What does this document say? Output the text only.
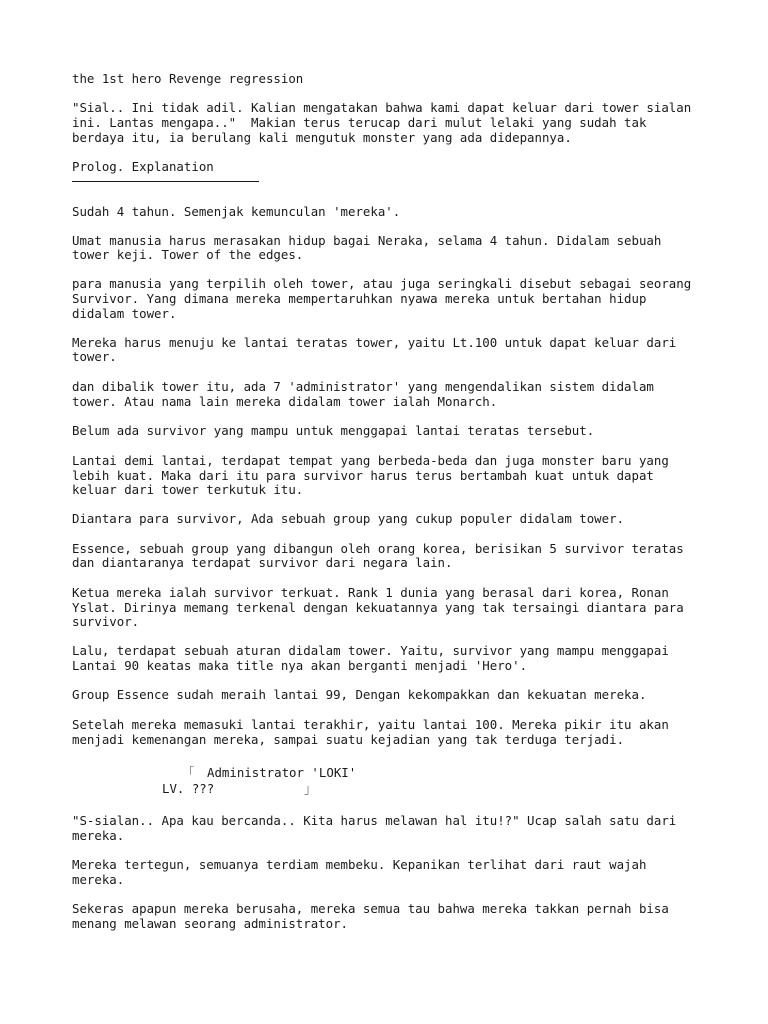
the 1st hero Revenge regression
"Sial.. Ini tidak adil. Kalian mengatakan bahwa kami dapat keluar dari tower sialan
ini. Lantas mengapa.."  Makian terus terucap dari mulut lelaki yang sudah tak
berdaya itu, ia berulang kali mengutuk monster yang ada didepannya.
Prolog. Explanation
Sudah 4 tahun. Semenjak kemunculan 'mereka'.
Umat manusia harus merasakan hidup bagai Neraka, selama 4 tahun. Didalam sebuah
tower keji. Tower of the edges.
para manusia yang terpilih oleh tower, atau juga seringkali disebut sebagai seorang
Survivor. Yang dimana mereka mempertaruhkan nyawa mereka untuk bertahan hidup
didalam tower.
Mereka harus menuju ke lantai teratas tower, yaitu Lt.100 untuk dapat keluar dari
tower.
dan dibalik tower itu, ada 7 'administrator' yang mengendalikan sistem didalam
tower. Atau nama lain mereka didalam tower ialah Monarch.
Belum ada survivor yang mampu untuk menggapai lantai teratas tersebut.
Lantai demi lantai, terdapat tempat yang berbeda-beda dan juga monster baru yang
lebih kuat. Maka dari itu para survivor harus terus bertambah kuat untuk dapat
keluar dari tower terkutuk itu.
Diantara para survivor, Ada sebuah group yang cukup populer didalam tower.
Essence, sebuah group yang dibangun oleh orang korea, berisikan 5 survivor teratas
dan diantaranya terdapat survivor dari negara lain.
Ketua mereka ialah survivor terkuat. Rank 1 dunia yang berasal dari korea, Ronan
Yslat. Dirinya memang terkenal dengan kekuatannya yang tak tersaingi diantara para
survivor.
Lalu, terdapat sebuah aturan didalam tower. Yaitu, survivor yang mampu menggapai
Lantai 90 keatas maka title nya akan berganti menjadi 'Hero'.
Group Essence sudah meraih lantai 99, Dengan kekompakkan dan kekuatan mereka.
Setelah mereka memasuki lantai terakhir, yaitu lantai 100. Mereka pikir itu akan
menjadi kemenangan mereka, sampai suatu kejadian yang tak terduga terjadi.
「 Administrator 'LOKI'
LV. ???	」
"S-sialan.. Apa kau bercanda.. Kita harus melawan hal itu!?" Ucap salah satu dari
mereka.
Mereka tertegun, semuanya terdiam membeku. Kepanikan terlihat dari raut wajah
mereka.
Sekeras apapun mereka berusaha, mereka semua tau bahwa mereka takkan pernah bisa
menang melawan seorang administrator.
